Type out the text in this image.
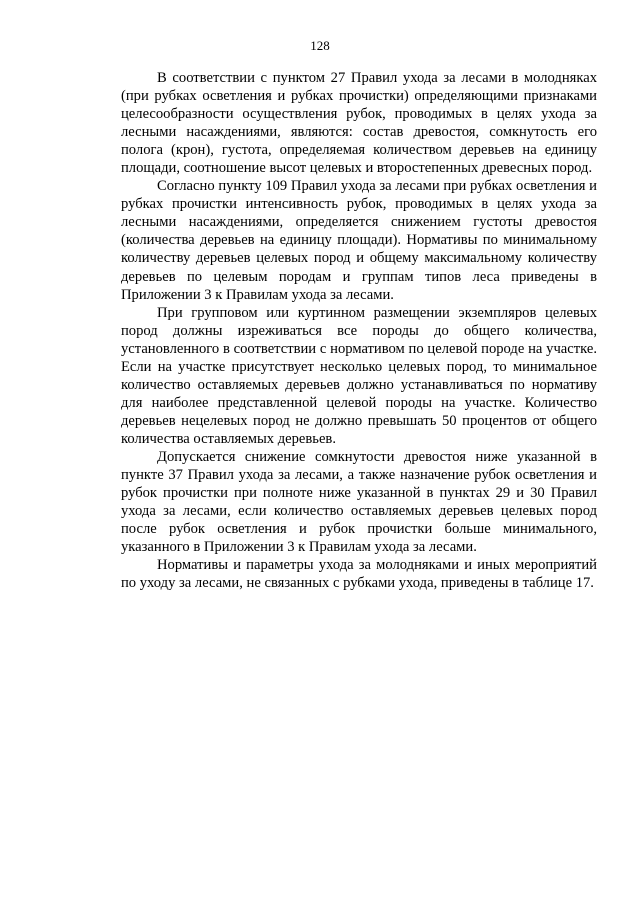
128

В соответствии с пунктом 27 Правил ухода за лесами в молодняках (при рубках осветления и рубках прочистки) определяющими признаками целесообразности осуществления рубок, проводимых в целях ухода за лесными насаждениями, являются: состав древостоя, сомкнутость его полога (крон), густота, определяемая количеством деревьев на единицу площади, соотношение высот целевых и второстепенных древесных пород.

Согласно пункту 109 Правил ухода за лесами при рубках осветления и рубках прочистки интенсивность рубок, проводимых в целях ухода за лесными насаждениями, определяется снижением густоты древостоя (количества деревьев на единицу площади). Нормативы по минимальному количеству деревьев целевых пород и общему максимальному количеству деревьев по целевым породам и группам типов леса приведены в Приложении 3 к Правилам ухода за лесами.

При групповом или куртинном размещении экземпляров целевых пород должны изреживаться все породы до общего количества, установленного в соответствии с нормативом по целевой породе на участке. Если на участке присутствует несколько целевых пород, то минимальное количество оставляемых деревьев должно устанавливаться по нормативу для наиболее представленной целевой породы на участке. Количество деревьев нецелевых пород не должно превышать 50 процентов от общего количества оставляемых деревьев.

Допускается снижение сомкнутости древостоя ниже указанной в пункте 37 Правил ухода за лесами, а также назначение рубок осветления и рубок прочистки при полноте ниже указанной в пунктах 29 и 30 Правил ухода за лесами, если количество оставляемых деревьев целевых пород после рубок осветления и рубок прочистки больше минимального, указанного в Приложении 3 к Правилам ухода за лесами.

Нормативы и параметры ухода за молодняками и иных мероприятий по уходу за лесами, не связанных с рубками ухода, приведены в таблице 17.
